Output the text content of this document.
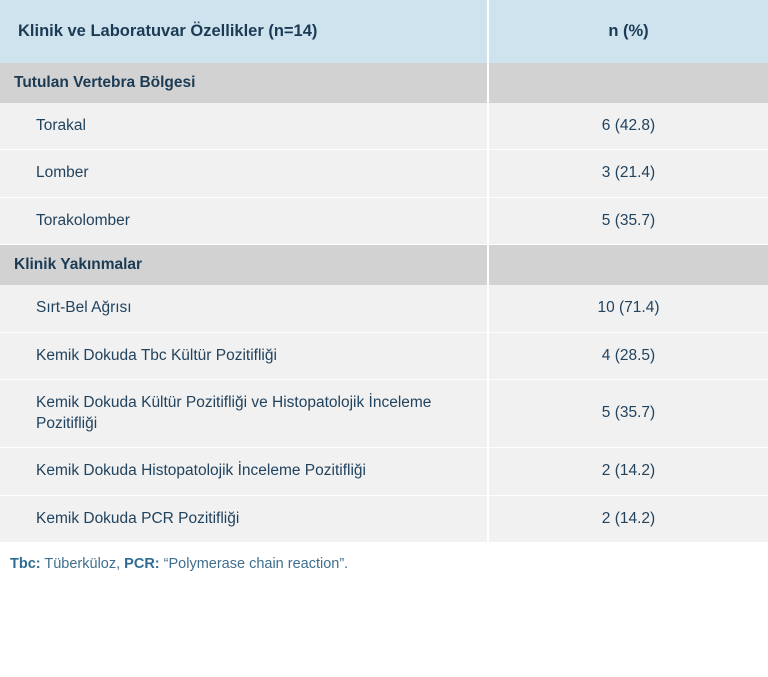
Klinik ve Laboratuvar Özellikler (n=14)	n (%)
Tutulan Vertebra Bölgesi	
Torakal	6 (42.8)
Lomber	3 (21.4)
Torakolomber	5 (35.7)
Klinik Yakınmalar	
Sırt-Bel Ağrısı	10 (71.4)
Kemik Dokuda Tbc Kültür Pozitifliği	4 (28.5)
Kemik Dokuda Kültür Pozitifliği ve Histopatolojik İnceleme Pozitifliği	5 (35.7)
Kemik Dokuda Histopatolojik İnceleme Pozitifliği	2 (14.2)
Kemik Dokuda PCR Pozitifliği	2 (14.2)
Tbc: Tüberküloz, PCR: “Polymerase chain reaction”.
